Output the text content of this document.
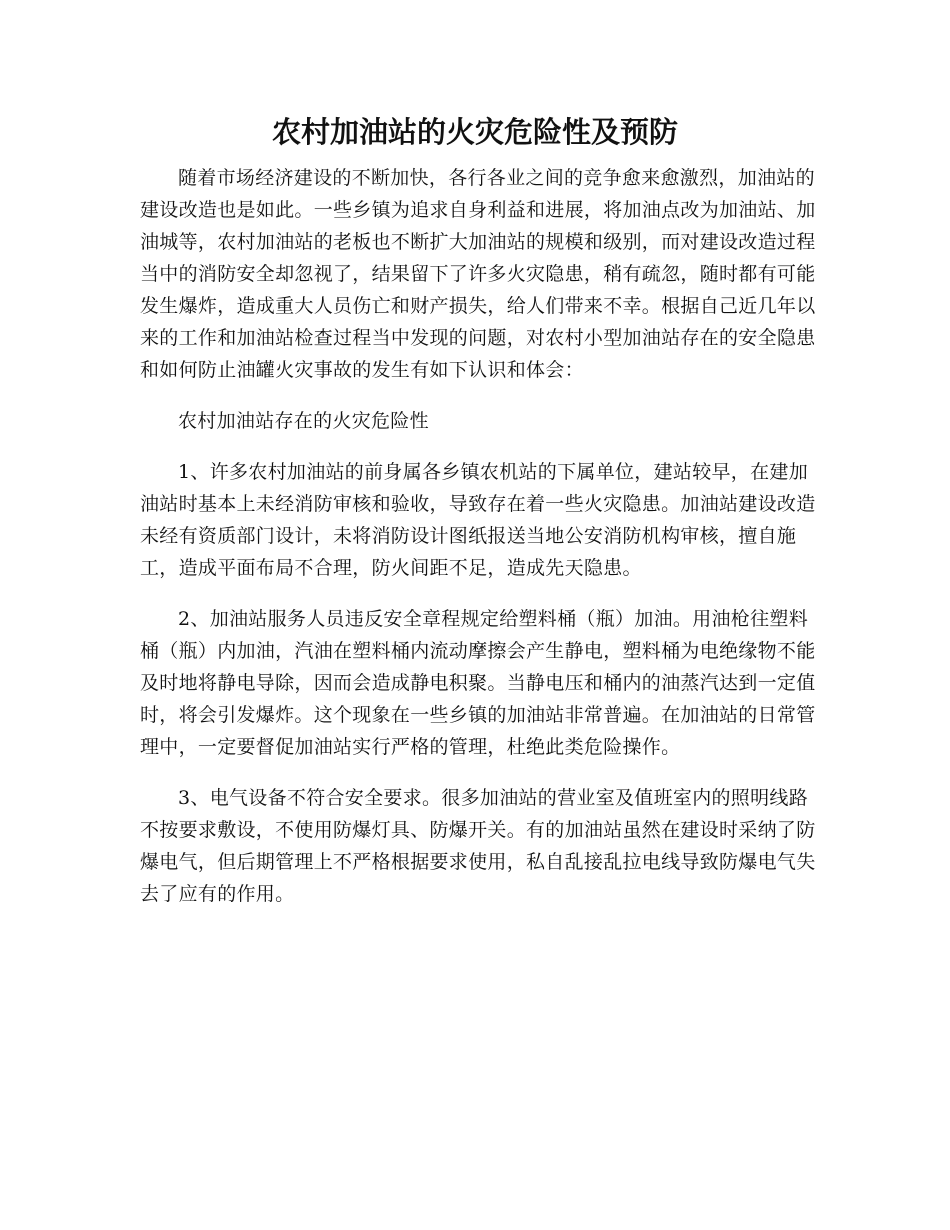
农村加油站的火灾危险性及预防

随着市场经济建设的不断加快，各行各业之间的竞争愈来愈激烈，加油站的建设改造也是如此。一些乡镇为追求自身利益和进展，将加油点改为加油站、加油城等，农村加油站的老板也不断扩大加油站的规模和级别，而对建设改造过程当中的消防安全却忽视了，结果留下了许多火灾隐患，稍有疏忽，随时都有可能发生爆炸，造成重大人员伤亡和财产损失，给人们带来不幸。根据自己近几年以来的工作和加油站检查过程当中发现的问题，对农村小型加油站存在的安全隐患和如何防止油罐火灾事故的发生有如下认识和体会：

农村加油站存在的火灾危险性

1、许多农村加油站的前身属各乡镇农机站的下属单位，建站较早，在建加油站时基本上未经消防审核和验收，导致存在着一些火灾隐患。加油站建设改造未经有资质部门设计，未将消防设计图纸报送当地公安消防机构审核，擅自施工，造成平面布局不合理，防火间距不足，造成先天隐患。

2、加油站服务人员违反安全章程规定给塑料桶（瓶）加油。用油枪往塑料桶（瓶）内加油，汽油在塑料桶内流动摩擦会产生静电，塑料桶为电绝缘物不能及时地将静电导除，因而会造成静电积聚。当静电压和桶内的油蒸汽达到一定值时，将会引发爆炸。这个现象在一些乡镇的加油站非常普遍。在加油站的日常管理中，一定要督促加油站实行严格的管理，杜绝此类危险操作。

3、电气设备不符合安全要求。很多加油站的营业室及值班室内的照明线路不按要求敷设，不使用防爆灯具、防爆开关。有的加油站虽然在建设时采纳了防爆电气，但后期管理上不严格根据要求使用，私自乱接乱拉电线导致防爆电气失去了应有的作用。
